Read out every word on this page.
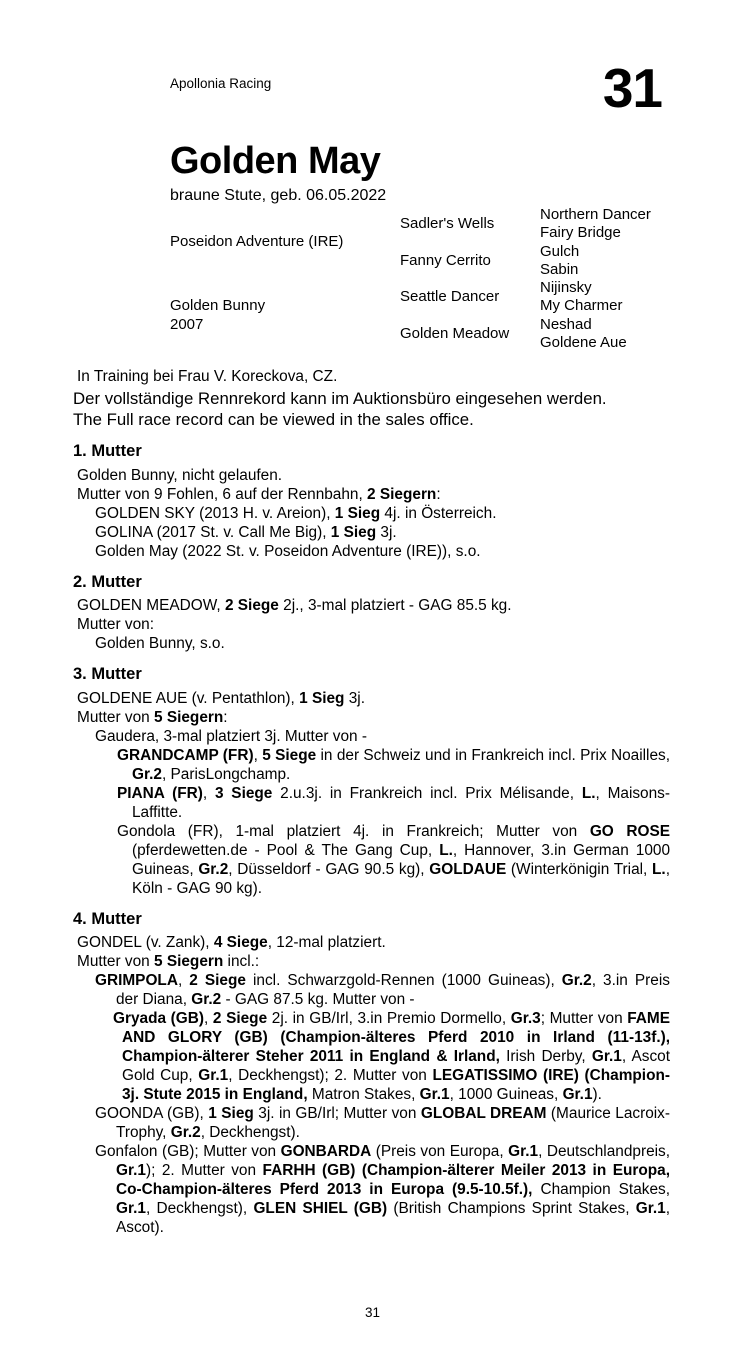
Apollonia Racing	31
Golden May
braune Stute, geb. 06.05.2022
Poseidon Adventure (IRE)
Golden Bunny
2007
Sadler's Wells
Fanny Cerrito
Seattle Dancer
Golden Meadow
Northern Dancer
Fairy Bridge
Gulch
Sabin
Nijinsky
My Charmer
Neshad
Goldene Aue

In Training bei Frau V. Koreckova, CZ.

Der vollständige Rennrekord kann im Auktionsbüro eingesehen werden.

The Full race record can be viewed in the sales office.

1. Mutter

Golden Bunny, nicht gelaufen.

Mutter von 9 Fohlen, 6 auf der Rennbahn, 2 Siegern:

GOLDEN SKY (2013 H. v. Areion), 1 Sieg 4j. in Österreich.

GOLINA (2017 St. v. Call Me Big), 1 Sieg 3j.

Golden May (2022 St. v. Poseidon Adventure (IRE)), s.o.

2. Mutter

GOLDEN MEADOW, 2 Siege 2j., 3-mal platziert - GAG 85.5 kg.

Mutter von:

Golden Bunny, s.o.

3. Mutter

GOLDENE AUE (v. Pentathlon), 1 Sieg 3j.

Mutter von 5 Siegern:

Gaudera, 3-mal platziert 3j. Mutter von -

GRANDCAMP (FR), 5 Siege in der Schweiz und in Frankreich incl. Prix Noailles, Gr.2, ParisLongchamp.

PIANA (FR), 3 Siege 2.u.3j. in Frankreich incl. Prix Mélisande, L., Maisons-Laffitte.

Gondola (FR), 1-mal platziert 4j. in Frankreich; Mutter von GO ROSE (pferdewetten.de - Pool & The Gang Cup, L., Hannover, 3.in German 1000 Guineas, Gr.2, Düsseldorf - GAG 90.5 kg), GOLDAUE (Winterkönigin Trial, L., Köln - GAG 90 kg).

4. Mutter

GONDEL (v. Zank), 4 Siege, 12-mal platziert.

Mutter von 5 Siegern incl.:

GRIMPOLA, 2 Siege incl. Schwarzgold-Rennen (1000 Guineas), Gr.2, 3.in Preis der Diana, Gr.2 - GAG 87.5 kg. Mutter von -

Gryada (GB), 2 Siege 2j. in GB/Irl, 3.in Premio Dormello, Gr.3; Mutter von FAME AND GLORY (GB) (Champion-älteres Pferd 2010 in Irland (11-13f.), Champion-älterer Steher 2011 in England & Irland, Irish Derby, Gr.1, Ascot Gold Cup, Gr.1, Deckhengst); 2. Mutter von LEGATISSIMO (IRE) (Champion-3j. Stute 2015 in England, Matron Stakes, Gr.1, 1000 Guineas, Gr.1).

GOONDA (GB), 1 Sieg 3j. in GB/Irl; Mutter von GLOBAL DREAM (Maurice Lacroix-Trophy, Gr.2, Deckhengst).

Gonfalon (GB); Mutter von GONBARDA (Preis von Europa, Gr.1, Deutschlandpreis, Gr.1); 2. Mutter von FARHH (GB) (Champion-älterer Meiler 2013 in Europa, Co-Champion-älteres Pferd 2013 in Europa (9.5-10.5f.), Champion Stakes, Gr.1, Deckhengst), GLEN SHIEL (GB) (British Champions Sprint Stakes, Gr.1, Ascot).

31
